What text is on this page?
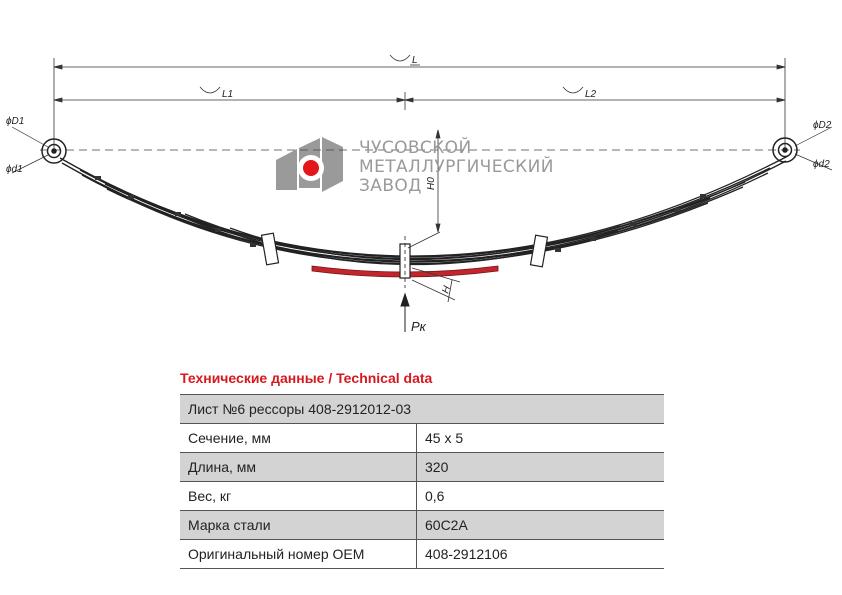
ϕD1
ϕd1
ϕD2
ϕd2
H0
H
Pк
L
L1	L2
ЧУСОВСКОЙ
МЕТАЛЛУРГИЧЕСКИЙ
ЗАВОД
Технические данные / Technical data
Лист №6 рессоры 408-2912012-03	
Сечение, мм	45 x 5
Длина, мм	320
Вес, кг	0,6
Марка стали	60С2А
Оригинальный номер OEM	408-2912106
